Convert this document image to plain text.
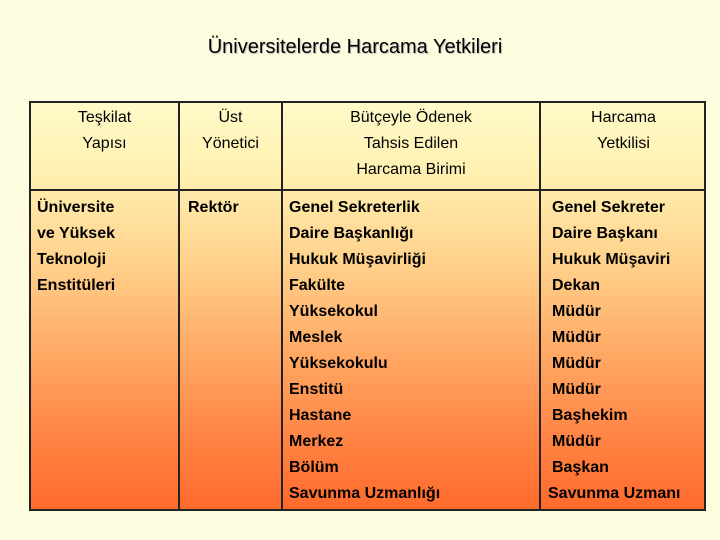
Üniversitelerde Harcama Yetkileri
Teşkilat
Yapısı
Üst
Yönetici
Bütçeyle Ödenek
Tahsis Edilen
Harcama Birimi
Harcama
Yetkilisi
Üniversite
ve Yüksek
Teknoloji
Enstitüleri
Rektör	Genel Sekreterlik
Daire Başkanlığı
Hukuk Müşavirliği
Fakülte
Yüksekokul
Meslek
Yüksekokulu
Enstitü
Hastane
Merkez
Bölüm
Savunma Uzmanlığı
Genel Sekreter
Daire Başkanı
Hukuk Müşaviri
Dekan
Müdür
Müdür
Müdür
Müdür
Başhekim
Müdür
Başkan
Savunma Uzmanı
